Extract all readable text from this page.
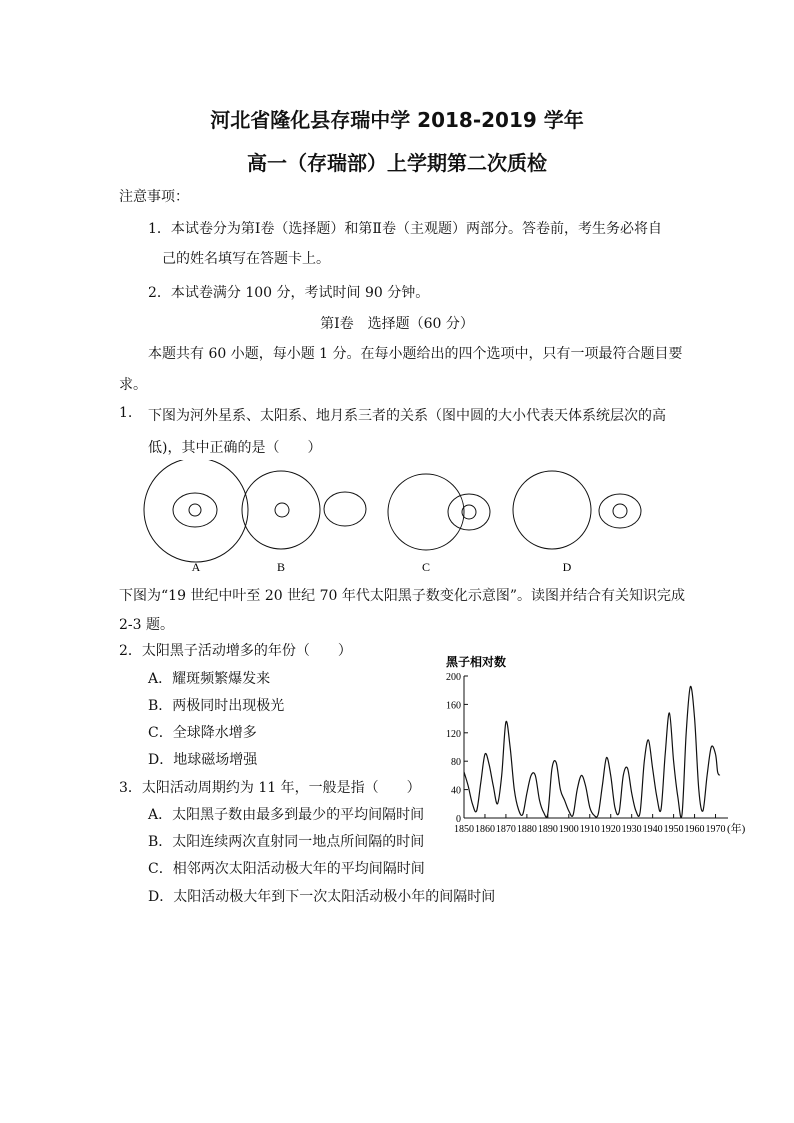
河北省隆化县存瑞中学 2018-2019 学年
高一（存瑞部）上学期第二次质检
注意事项：
1．本试卷分为第Ⅰ卷（选择题）和第Ⅱ卷（主观题）两部分。答卷前，考生务必将自
己的姓名填写在答题卡上。
2．本试卷满分 100 分，考试时间 90 分钟。
第Ⅰ卷　选择题（60 分）
本题共有 60 小题，每小题 1 分。在每小题给出的四个选项中，只有一项最符合题目要
求。
1. 下图为河外星系、太阳系、地月系三者的关系（图中圆的大小代表天体系统层次的高
低)，其中正确的是（　　）
A	B	C	D
下图为“19 世纪中叶至 20 世纪 70 年代太阳黑子数变化示意图”。读图并结合有关知识完成
2-3 题。
2．太阳黑子活动增多的年份（　　）
A．耀斑频繁爆发来
B．两极同时出现极光
C．全球降水增多
D．地球磁场增强
3．太阳活动周期约为 11 年，一般是指（　　）
A．太阳黑子数由最多到最少的平均间隔时间
B．太阳连续两次直射同一地点所间隔的时间
C．相邻两次太阳活动极大年的平均间隔时间
D．太阳活动极大年到下一次太阳活动极小年的间隔时间
黑子相对数
(年)
0
40
80
120
160
200
1850 1860 1870 1880 1890 1900 1910 1920 1930 1940 1950 1960 1970
